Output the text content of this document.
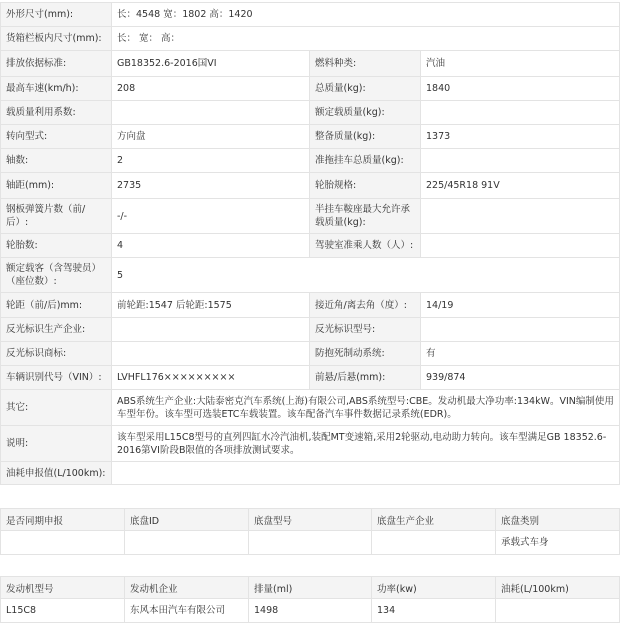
外形尺寸(mm):	长：4548 宽：1802 高：1420		
货箱栏板内尺寸(mm):	长： 宽： 高：		
排放依据标准:	GB18352.6-2016国VI	燃料种类:	汽油
最高车速(km/h):	208	总质量(kg):	1840
载质量利用系数:		额定载质量(kg):	
转向型式:	方向盘	整备质量(kg):	1373
轴数:	2	准拖挂车总质量(kg):	
轴距(mm):	2735	轮胎规格:	225/45R18 91V
钢板弹簧片数（前/后）:	-/-	半挂车鞍座最大允许承载质量(kg):	
轮胎数:	4	驾驶室准乘人数（人）:	
额定载客（含驾驶员）（座位数）:	5		
轮距（前/后)mm:	前轮距:1547 后轮距:1575	接近角/离去角（度）:	14/19
反光标识生产企业:		反光标识型号:	
反光标识商标:		防抱死制动系统:	有
车辆识别代号（VIN）:	LVHFL176×××××××××	前悬/后悬(mm):	939/874
其它:	ABS系统生产企业:大陆泰密克汽车系统(上海)有限公司,ABS系统型号:CBE。发动机最大净功率:134kW。VIN编制使用车型年份。该车型可选装ETC车载装置。该车配备汽车事件数据记录系统(EDR)。		
说明:	该车型采用L15C8型号的直列四缸水冷汽油机,装配MT变速箱,采用2轮驱动,电动助力转向。该车型满足GB 18352.6-2016第VI阶段B限值的各项排放测试要求。		
油耗申报值(L/100km):			
是否同期申报	底盘ID	底盘型号	底盘生产企业	底盘类别
				承载式车身
发动机型号	发动机企业	排量(ml)	功率(kw)	油耗(L/100km)
L15C8	东风本田汽车有限公司	1498	134	
